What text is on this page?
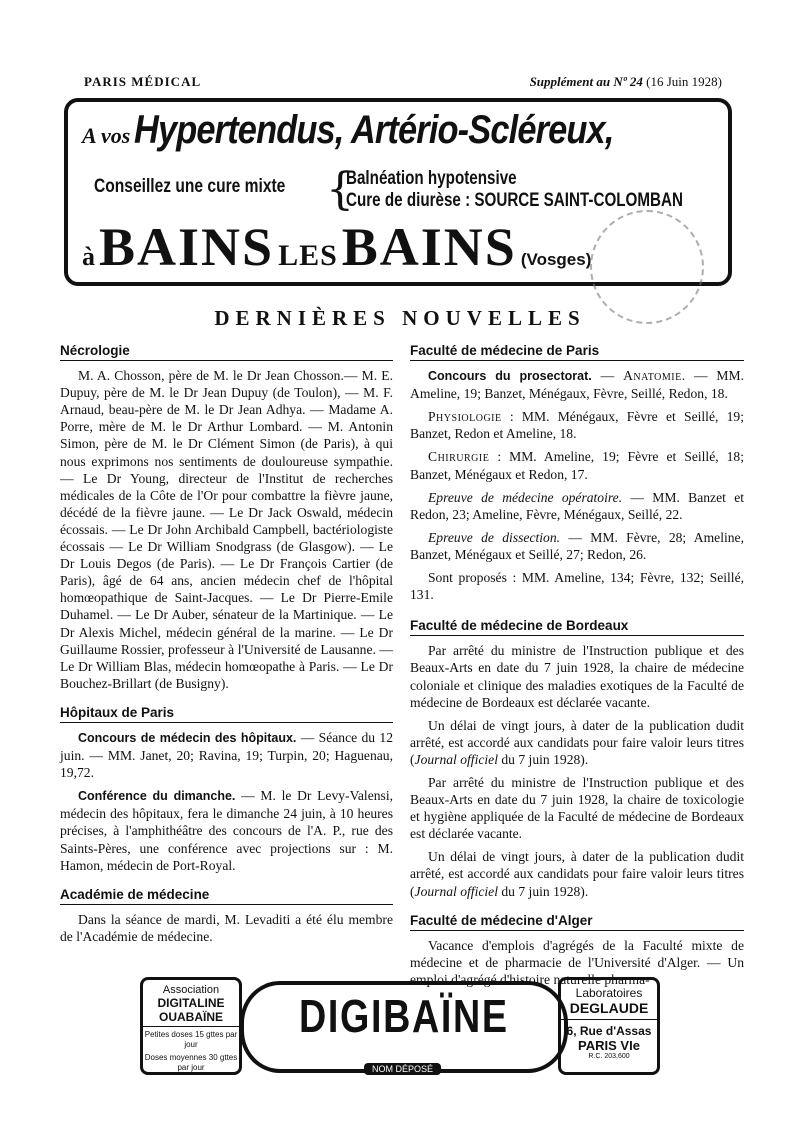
PARIS MÉDICAL	Supplément au Nº 24 (16 Juin 1928)
A vos Hypertendus, Artério-Scléreux,
Conseillez une cure mixte {
Balnéation hypotensive
Cure de diurèse : SOURCE SAINT-COLOMBAN
à BAINS LES BAINS (Vosges)
DERNIÈRES NOUVELLES
Nécrologie

M. A. Chosson, père de M. le Dr Jean Chosson.— M. E. Dupuy, père de M. le Dr Jean Dupuy (de Toulon), — M. F. Arnaud, beau-père de M. le Dr Jean Adhya. — Madame A. Porre, mère de M. le Dr Arthur Lombard. — M. Antonin Simon, père de M. le Dr Clément Simon (de Paris), à qui nous exprimons nos sentiments de douloureuse sympathie. — Le Dr Young, directeur de l'Institut de recherches médicales de la Côte de l'Or pour combattre la fièvre jaune, décédé de la fièvre jaune. — Le Dr Jack Oswald, médecin écossais. — Le Dr John Archibald Campbell, bactériologiste écossais — Le Dr William Snodgrass (de Glasgow). — Le Dr Louis Degos (de Paris). — Le Dr François Cartier (de Paris), âgé de 64 ans, ancien médecin chef de l'hôpital homœopathique de Saint-Jacques. — Le Dr Pierre-Emile Duhamel. — Le Dr Auber, sénateur de la Martinique. — Le Dr Alexis Michel, médecin général de la marine. — Le Dr Guillaume Rossier, professeur à l'Université de Lausanne. — Le Dr William Blas, médecin homœopathe à Paris. — Le Dr Bouchez-Brillart (de Busigny).

Hôpitaux de Paris

Concours de médecin des hôpitaux. — Séance du 12 juin. — MM. Janet, 20; Ravina, 19; Turpin, 20; Haguenau, 19,72.

Conférence du dimanche. — M. le Dr Levy-Valensi, médecin des hôpitaux, fera le dimanche 24 juin, à 10 heures précises, à l'amphithéâtre des concours de l'A. P., rue des Saints-Pères, une conférence avec projections sur : M. Hamon, médecin de Port-Royal.

Académie de médecine

Dans la séance de mardi, M. Levaditi a été élu membre de l'Académie de médecine.

Faculté de médecine de Paris

Concours du prosectorat. — Anatomie. — MM. Ameline, 19; Banzet, Ménégaux, Fèvre, Seillé, Redon, 18.

Physiologie : MM. Ménégaux, Fèvre et Seillé, 19; Banzet, Redon et Ameline, 18.

Chirurgie : MM. Ameline, 19; Fèvre et Seillé, 18; Banzet, Ménégaux et Redon, 17.

Epreuve de médecine opératoire. — MM. Banzet et Redon, 23; Ameline, Fèvre, Ménégaux, Seillé, 22.

Epreuve de dissection. — MM. Fèvre, 28; Ameline, Banzet, Ménégaux et Seillé, 27; Redon, 26.

Sont proposés : MM. Ameline, 134; Fèvre, 132; Seillé, 131.

Faculté de médecine de Bordeaux

Par arrêté du ministre de l'Instruction publique et des Beaux-Arts en date du 7 juin 1928, la chaire de médecine coloniale et clinique des maladies exotiques de la Faculté de médecine de Bordeaux est déclarée vacante.

Un délai de vingt jours, à dater de la publication dudit arrêté, est accordé aux candidats pour faire valoir leurs titres (Journal officiel du 7 juin 1928).

Par arrêté du ministre de l'Instruction publique et des Beaux-Arts en date du 7 juin 1928, la chaire de toxicologie et hygiène appliquée de la Faculté de médecine de Bordeaux est déclarée vacante.

Un délai de vingt jours, à dater de la publication dudit arrêté, est accordé aux candidats pour faire valoir leurs titres (Journal officiel du 7 juin 1928).

Faculté de médecine d'Alger

Vacance d'emplois d'agrégés de la Faculté mixte de médecine et de pharmacie de l'Université d'Alger. — Un emploi d'agrégé d'histoire naturelle pharma-

Association
DIGITALINE
OUABAÏNE
Petites doses 15 gttes par jour
Doses moyennes 30 gttes par jour
DIGIBAÏNE
NOM DÉPOSÉ
Laboratoires
DEGLAUDE
6, Rue d'Assas
PARIS VIe
R.C. 203.600
